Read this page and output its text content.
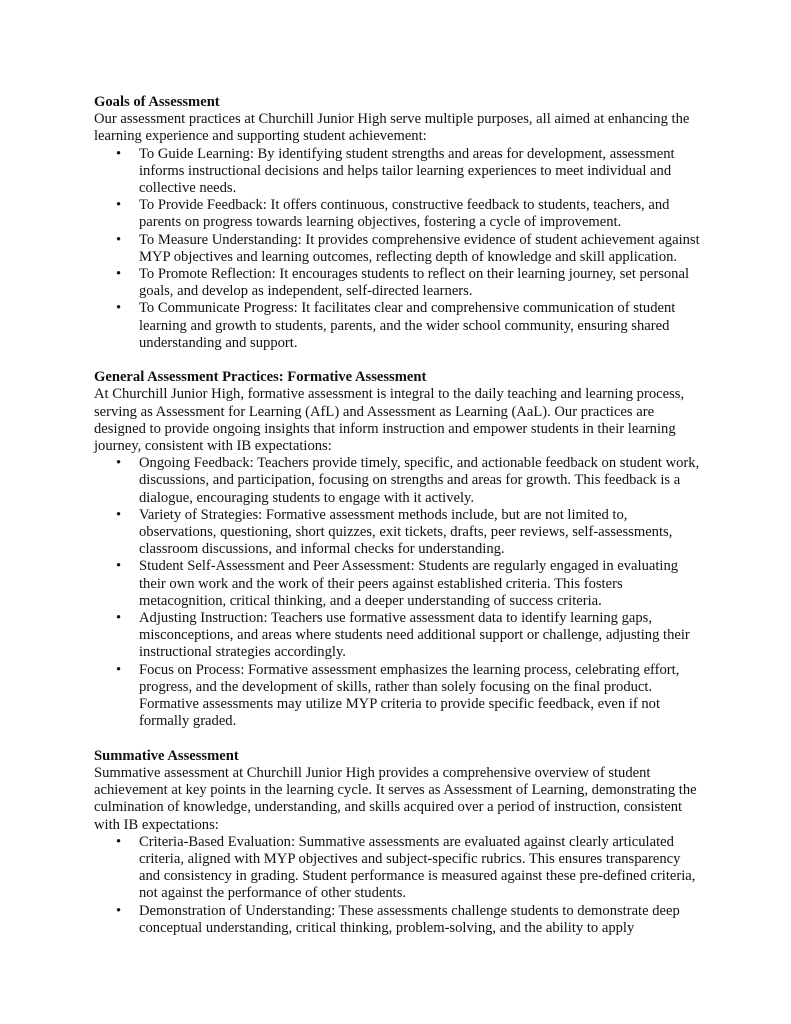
Goals of Assessment

Our assessment practices at Churchill Junior High serve multiple purposes, all aimed at enhancing the learning experience and supporting student achievement:

• To Guide Learning: By identifying student strengths and areas for development, assessment informs instructional decisions and helps tailor learning experiences to meet individual and collective needs.
• To Provide Feedback: It offers continuous, constructive feedback to students, teachers, and parents on progress towards learning objectives, fostering a cycle of improvement.
• To Measure Understanding: It provides comprehensive evidence of student achievement against MYP objectives and learning outcomes, reflecting depth of knowledge and skill application.
• To Promote Reflection: It encourages students to reflect on their learning journey, set personal goals, and develop as independent, self-directed learners.
• To Communicate Progress: It facilitates clear and comprehensive communication of student learning and growth to students, parents, and the wider school community, ensuring shared understanding and support.

General Assessment Practices: Formative Assessment

At Churchill Junior High, formative assessment is integral to the daily teaching and learning process, serving as Assessment for Learning (AfL) and Assessment as Learning (AaL). Our practices are designed to provide ongoing insights that inform instruction and empower students in their learning journey, consistent with IB expectations:

• Ongoing Feedback: Teachers provide timely, specific, and actionable feedback on student work, discussions, and participation, focusing on strengths and areas for growth. This feedback is a dialogue, encouraging students to engage with it actively.
• Variety of Strategies: Formative assessment methods include, but are not limited to, observations, questioning, short quizzes, exit tickets, drafts, peer reviews, self-assessments, classroom discussions, and informal checks for understanding.
• Student Self-Assessment and Peer Assessment: Students are regularly engaged in evaluating their own work and the work of their peers against established criteria. This fosters metacognition, critical thinking, and a deeper understanding of success criteria.
• Adjusting Instruction: Teachers use formative assessment data to identify learning gaps, misconceptions, and areas where students need additional support or challenge, adjusting their instructional strategies accordingly.
• Focus on Process: Formative assessment emphasizes the learning process, celebrating effort, progress, and the development of skills, rather than solely focusing on the final product. Formative assessments may utilize MYP criteria to provide specific feedback, even if not formally graded.

Summative Assessment

Summative assessment at Churchill Junior High provides a comprehensive overview of student achievement at key points in the learning cycle. It serves as Assessment of Learning, demonstrating the culmination of knowledge, understanding, and skills acquired over a period of instruction, consistent with IB expectations:

• Criteria-Based Evaluation: Summative assessments are evaluated against clearly articulated criteria, aligned with MYP objectives and subject-specific rubrics. This ensures transparency and consistency in grading. Student performance is measured against these pre-defined criteria, not against the performance of other students.
• Demonstration of Understanding: These assessments challenge students to demonstrate deep conceptual understanding, critical thinking, problem-solving, and the ability to apply
